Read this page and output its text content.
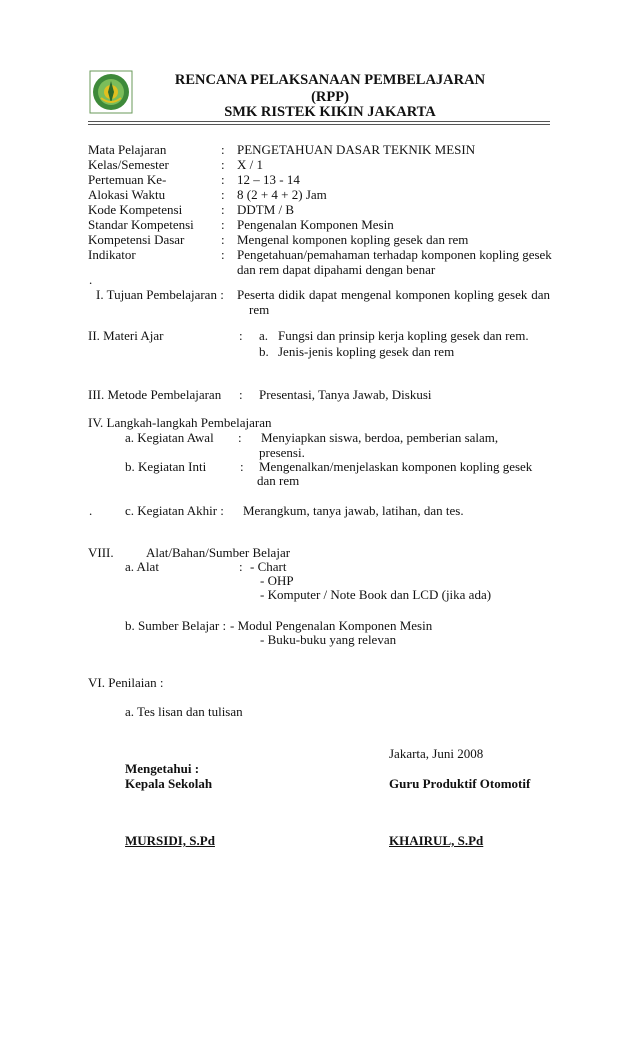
RENCANA PELAKSANAAN PEMBELAJARAN
(RPP)
SMK RISTEK KIKIN JAKARTA
Mata Pelajaran	: PENGETAHUAN DASAR TEKNIK MESIN
Kelas/Semester	: X / 1
Pertemuan Ke-	: 12 – 13 - 14
Alokasi Waktu	: 8 (2 + 4 + 2) Jam
Kode Kompetensi	: DDTM / B
Standar Kompetensi : Pengenalan Komponen Mesin
Kompetensi Dasar	: Mengenal komponen kopling gesek dan rem
Indikator	: Pengetahuan/pemahaman terhadap komponen kopling gesek
dan rem dapat dipahami dengan benar
.
I. Tujuan Pembelajaran : Peserta didik dapat mengenal komponen kopling gesek dan
rem
II. Materi Ajar	: a. Fungsi dan prinsip kerja kopling gesek dan rem.
b. Jenis-jenis kopling gesek dan rem
III. Metode Pembelajaran : Presentasi, Tanya Jawab, Diskusi
IV. Langkah-langkah Pembelajaran
a. Kegiatan Awal : Menyiapkan siswa, berdoa, pemberian salam,
presensi.
b. Kegiatan Inti	: Mengenalkan/menjelaskan komponen kopling gesek
dan rem
.	c. Kegiatan Akhir : Merangkum, tanya jawab, latihan, dan tes.
VIII. Alat/Bahan/Sumber Belajar
a. Alat	: - Chart
- OHP
- Komputer / Note Book dan LCD (jika ada)
b. Sumber Belajar : - Modul Pengenalan Komponen Mesin
- Buku-buku yang relevan
VI. Penilaian :
a. Tes lisan dan tulisan
Jakarta, Juni 2008
Mengetahui :
Kepala Sekolah	Guru Produktif Otomotif
MURSIDI, S.Pd	KHAIRUL, S.Pd
